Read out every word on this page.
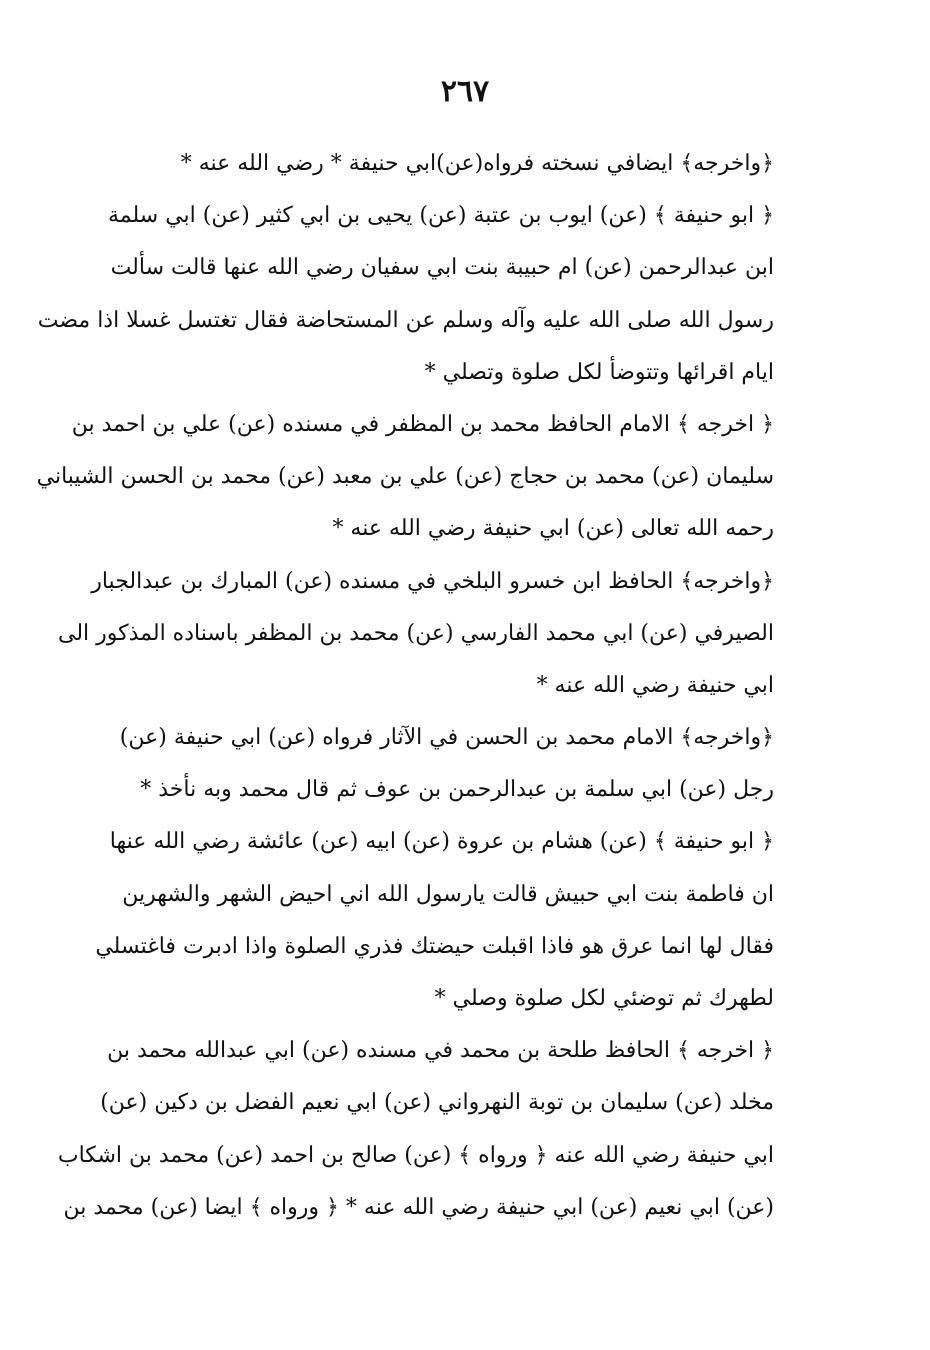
٢٦٧
﴿واخرجه﴾ ايضافي نسخته فرواه(عن)ابي حنيفة * رضي الله عنه *
﴿ ابو حنيفة ﴾ (عن) ايوب بن عتبة (عن) يحيى بن ابي كثير (عن) ابي سلمة
ابن عبدالرحمن (عن) ام حبيبة بنت ابي سفيان رضي الله عنها قالت سألت
رسول الله صلى الله عليه وآله وسلم عن المستحاضة فقال تغتسل غسلا اذا مضت
ايام اقرائها وتتوضأ لكل صلوة وتصلي *
﴿ اخرجه ﴾ الامام الحافظ محمد بن المظفر في مسنده (عن) علي بن احمد بن
سليمان (عن) محمد بن حجاج (عن) علي بن معبد (عن) محمد بن الحسن الشيباني
رحمه الله تعالى (عن) ابي حنيفة رضي الله عنه *
﴿واخرجه﴾ الحافظ ابن خسرو البلخي في مسنده (عن) المبارك بن عبدالجبار
الصيرفي (عن) ابي محمد الفارسي (عن) محمد بن المظفر باسناده المذكور الى
ابي حنيفة رضي الله عنه *
﴿واخرجه﴾ الامام محمد بن الحسن في الآثار فرواه (عن) ابي حنيفة (عن)
رجل (عن) ابي سلمة بن عبدالرحمن بن عوف ثم قال محمد وبه نأخذ *
﴿ ابو حنيفة ﴾ (عن) هشام بن عروة (عن) ابيه (عن) عائشة رضي الله عنها
ان فاطمة بنت ابي حبيش قالت يارسول الله اني احيض الشهر والشهرين
فقال لها انما عرق هو فاذا اقبلت حيضتك فذري الصلوة واذا ادبرت فاغتسلي
لطهرك ثم توضئي لكل صلوة وصلي *
﴿ اخرجه ﴾ الحافظ طلحة بن محمد في مسنده (عن) ابي عبدالله محمد بن
مخلد (عن) سليمان بن توبة النهرواني (عن) ابي نعيم الفضل بن دكين (عن)
ابي حنيفة رضي الله عنه ﴿ ورواه ﴾ (عن) صالح بن احمد (عن) محمد بن اشكاب
(عن) ابي نعيم (عن) ابي حنيفة رضي الله عنه * ﴿ ورواه ﴾ ايضا (عن) محمد بن
